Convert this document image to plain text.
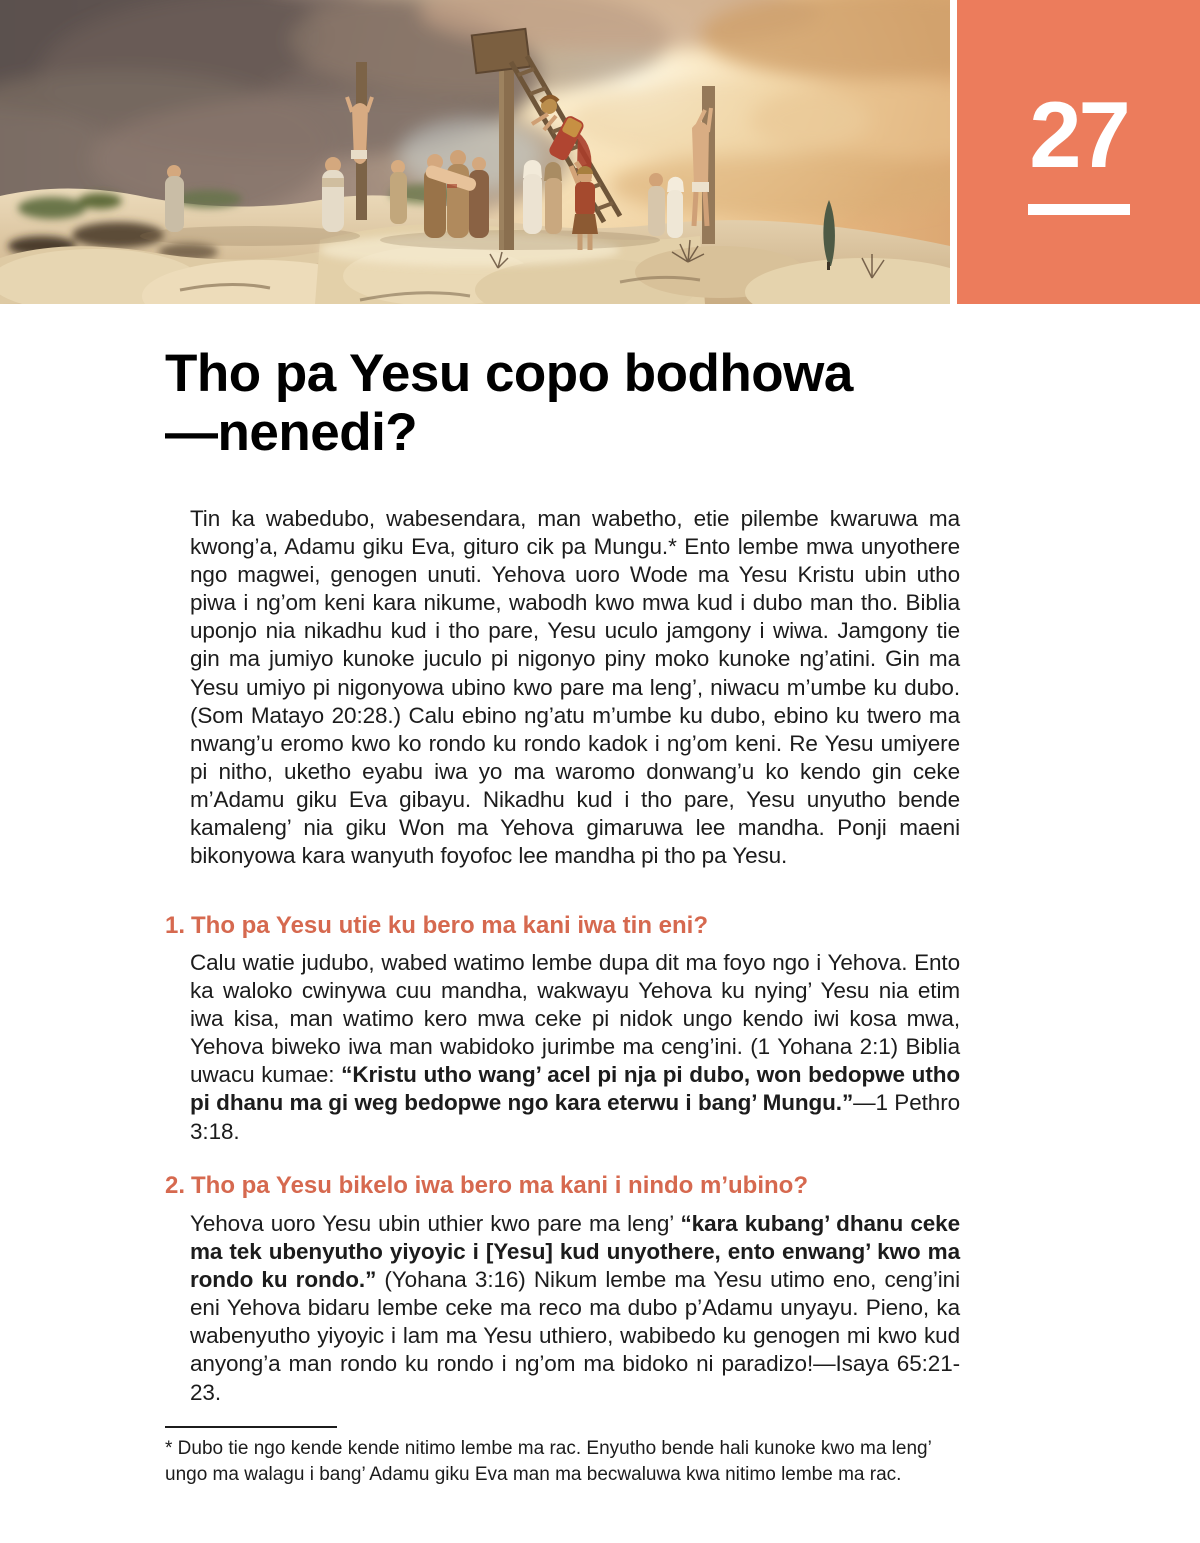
27
Tho pa Yesu copo bodhowa
—nenedi?
Tin ka wabedubo, wabesendara, man wabetho, etie pilembe kwaruwa ma kwong’a, Adamu giku Eva, gituro cik pa Mungu.* Ento lembe mwa unyothere ngo magwei, genogen unuti. Yehova uoro Wode ma Yesu Kristu ubin utho piwa i ng’om keni kara nikume, wabodh kwo mwa kud i dubo man tho. Biblia uponjo nia nikadhu kud i tho pare, Yesu uculo jamgony i wiwa. Jamgony tie gin ma jumiyo kunoke juculo pi nigonyo piny moko kunoke ng’atini. Gin ma Yesu umiyo pi nigonyowa ubino kwo pare ma leng’, niwacu m’umbe ku dubo. (Som Matayo 20:28.) Calu ebino ng’atu m’umbe ku dubo, ebino ku twero ma nwang’u eromo kwo ko rondo ku rondo kadok i ng’om keni. Re Yesu umiyere pi nitho, uketho eyabu iwa yo ma waromo donwang’u ko kendo gin ceke m’Adamu giku Eva gibayu. Nikadhu kud i tho pare, Yesu unyutho bende kamaleng’ nia giku Won ma Yehova gimaruwa lee mandha. Ponji maeni bikonyowa kara wanyuth foyofoc lee mandha pi tho pa Yesu.
1. Tho pa Yesu utie ku bero ma kani iwa tin eni?
Calu watie judubo, wabed watimo lembe dupa dit ma foyo ngo i Yehova. Ento ka waloko cwinywa cuu mandha, wakwayu Yehova ku nying’ Yesu nia etim iwa kisa, man watimo kero mwa ceke pi nidok ungo kendo iwi kosa mwa, Yehova biweko iwa man wabidoko jurimbe ma ceng’ini. (1 Yohana 2:1) Biblia uwacu kumae: “Kristu utho wang’ acel pi nja pi dubo, won bedopwe utho pi dhanu ma gi weg bedopwe ngo kara eterwu i bang’ Mungu.”—1 Pethro 3:18.
2. Tho pa Yesu bikelo iwa bero ma kani i nindo m’ubino?
Yehova uoro Yesu ubin uthier kwo pare ma leng’ “kara kubang’ dhanu ceke ma tek ubenyutho yiyoyic i [Yesu] kud unyothere, ento enwang’ kwo ma rondo ku rondo.” (Yohana 3:16) Nikum lembe ma Yesu utimo eno, ceng’ini eni Yehova bidaru lembe ceke ma reco ma dubo p’Adamu unyayu. Pieno, ka wabenyutho yiyoyic i lam ma Yesu uthiero, wabibedo ku genogen mi kwo kud anyong’a man rondo ku rondo i ng’om ma bidoko ni paradizo!—Isaya 65:21-23.
* Dubo tie ngo kende kende nitimo lembe ma rac. Enyutho bende hali kunoke kwo ma leng’ ungo ma walagu i bang’ Adamu giku Eva man ma becwaluwa kwa nitimo lembe ma rac.
